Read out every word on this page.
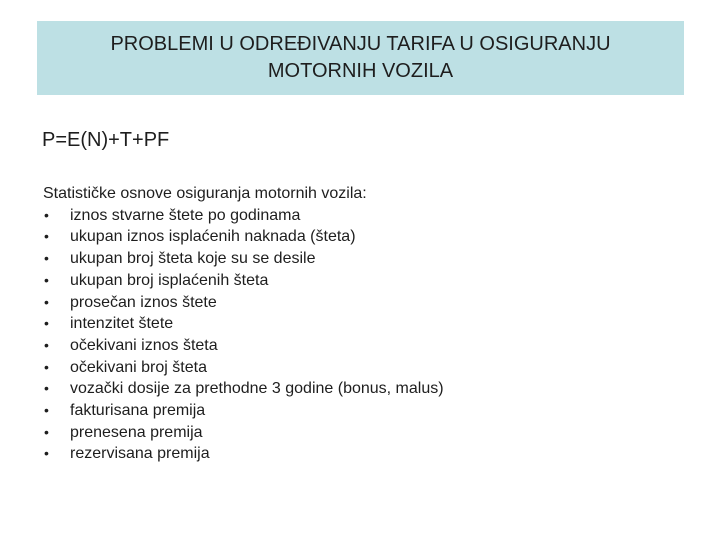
PROBLEMI U ODREĐIVANJU TARIFA U OSIGURANJU
MOTORNIH VOZILA
P=E(N)+T+PF
Statističke osnove osiguranja motornih vozila:
• iznos stvarne štete po godinama
• ukupan iznos isplaćenih naknada (šteta)
• ukupan broj šteta koje su se desile
• ukupan broj isplaćenih šteta
• prosečan iznos štete
• intenzitet štete
• očekivani iznos šteta
• očekivani broj šteta
• vozački dosije za prethodne 3 godine (bonus, malus)
• fakturisana premija
• prenesena premija
• rezervisana premija
